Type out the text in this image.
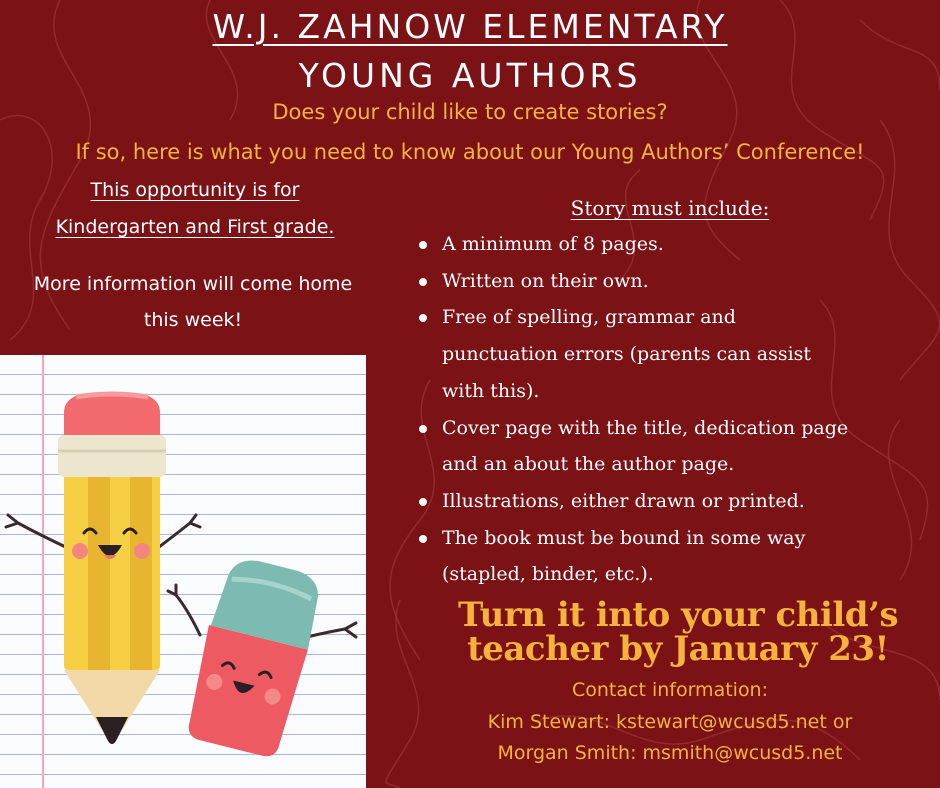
W.J. ZAHNOW ELEMENTARY
YOUNG AUTHORS
Does your child like to create stories?
If so, here is what you need to know about our Young Authors’ Conference!
This opportunity is for
Kindergarten and First grade.
More information will come home
this week!
Story must include:
A minimum of 8 pages.
Written on their own.
Free of spelling, grammar and
punctuation errors (parents can assist
with this).
Cover page with the title, dedication page
and an about the author page.
Illustrations, either drawn or printed.
The book must be bound in some way
(stapled, binder, etc.).
Turn it into your child’s
teacher by January 23!
Contact information:
Kim Stewart: kstewart@wcusd5.net or
Morgan Smith: msmith@wcusd5.net
